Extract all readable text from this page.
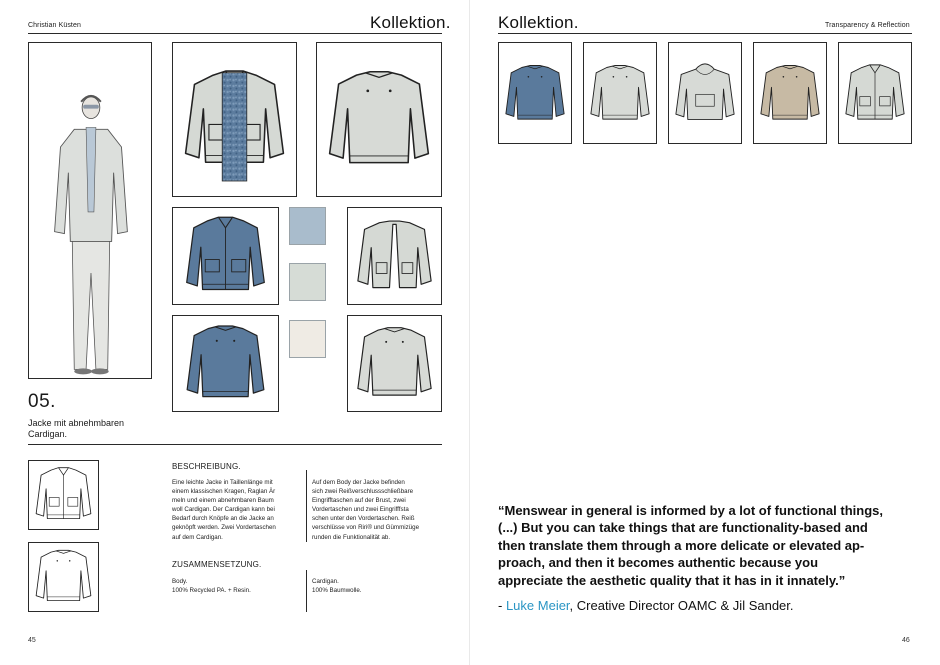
Christian Küsten	Kollektion.
05.
Jacke mit abnehmbaren
Cardigan.
BESCHREIBUNG.
Eine leichte Jacke in Taillenlänge mit
einem klassischen Kragen, Raglan Är
meln und einem abnehmbaren Baum
woll Cardigan. Der Cardigan kann bei
Bedarf durch Knöpfe an die Jacke an
geknöpft werden. Zwei Vordertaschen
auf dem Cardigan.
Auf dem Body der Jacke befinden
sich zwei Reißverschlussschließbare
Eingrifftaschen auf der Brust, zwei
Vordertaschen und zwei Eingrifffsta
schen unter den Vordertaschen. Reiß
verschlüsse von Riri® und Gümmizüge
runden die Funktionalität ab.
ZUSAMMENSETZUNG.
Body.
100% Recycled PA. + Resin.
Cardigan.
100% Baumwolle.
45
Kollektion.	Transparency & Reflection
“Menswear in general is informed by a lot of functional things,
(...) But you can take things that are functionality-based and
then translate them through a more delicate or elevated ap-
proach, and then it becomes authentic because you
appreciate the aesthetic quality that it has in it innately.”
- Luke Meier, Creative Director OAMC & Jil Sander.
46
